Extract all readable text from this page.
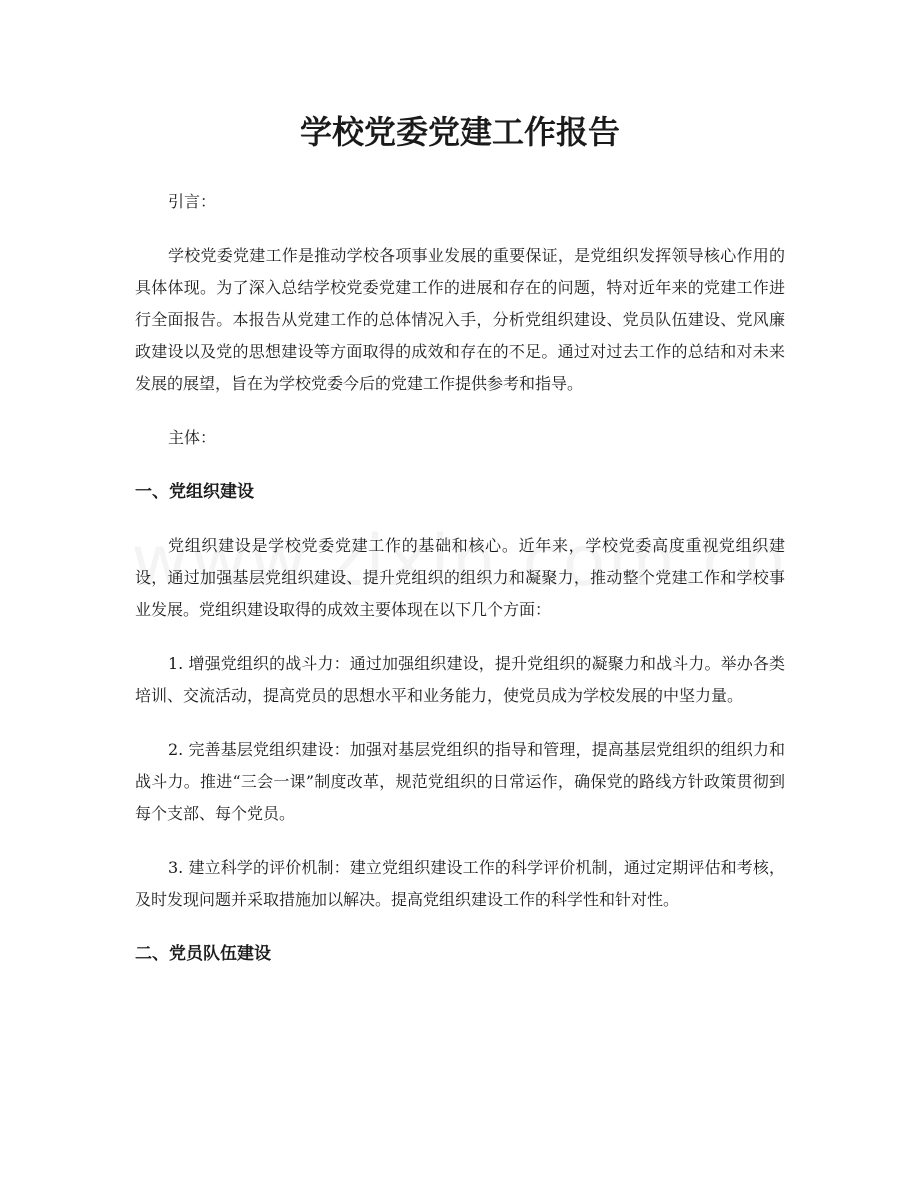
学校党委党建工作报告

引言：

学校党委党建工作是推动学校各项事业发展的重要保证，是党组织发挥领导核心作用的具体体现。为了深入总结学校党委党建工作的进展和存在的问题，特对近年来的党建工作进行全面报告。本报告从党建工作的总体情况入手，分析党组织建设、党员队伍建设、党风廉政建设以及党的思想建设等方面取得的成效和存在的不足。通过对过去工作的总结和对未来发展的展望，旨在为学校党委今后的党建工作提供参考和指导。

主体：

一、党组织建设

党组织建设是学校党委党建工作的基础和核心。近年来，学校党委高度重视党组织建设，通过加强基层党组织建设、提升党组织的组织力和凝聚力，推动整个党建工作和学校事业发展。党组织建设取得的成效主要体现在以下几个方面：

1. 增强党组织的战斗力：通过加强组织建设，提升党组织的凝聚力和战斗力。举办各类培训、交流活动，提高党员的思想水平和业务能力，使党员成为学校发展的中坚力量。

2. 完善基层党组织建设：加强对基层党组织的指导和管理，提高基层党组织的组织力和战斗力。推进“三会一课”制度改革，规范党组织的日常运作，确保党的路线方针政策贯彻到每个支部、每个党员。

3. 建立科学的评价机制：建立党组织建设工作的科学评价机制，通过定期评估和考核，及时发现问题并采取措施加以解决。提高党组织建设工作的科学性和针对性。

二、党员队伍建设
